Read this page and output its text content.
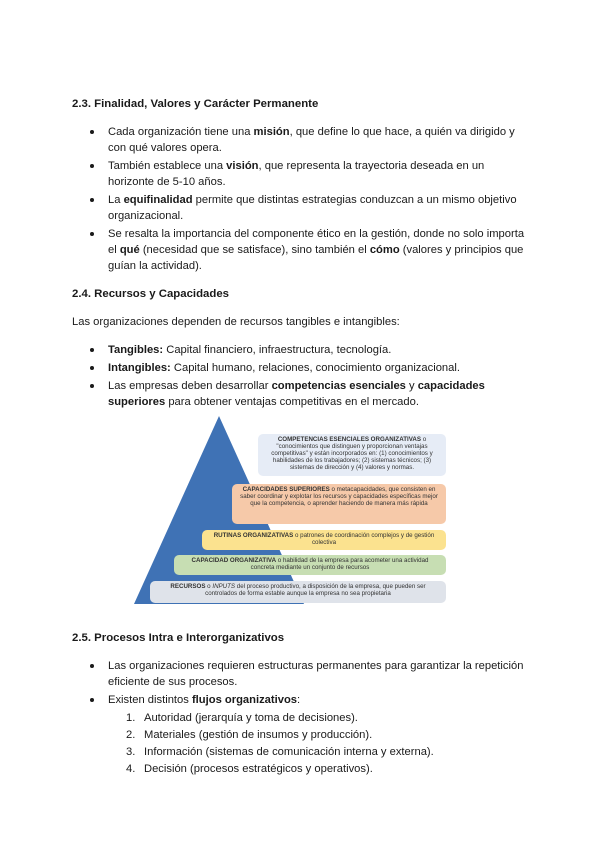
2.3. Finalidad, Valores y Carácter Permanente
Cada organización tiene una misión, que define lo que hace, a quién va dirigido y con qué valores opera.
También establece una visión, que representa la trayectoria deseada en un horizonte de 5-10 años.
La equifinalidad permite que distintas estrategias conduzcan a un mismo objetivo organizacional.
Se resalta la importancia del componente ético en la gestión, donde no solo importa el qué (necesidad que se satisface), sino también el cómo (valores y principios que guían la actividad).
2.4. Recursos y Capacidades

Las organizaciones dependen de recursos tangibles e intangibles:

Tangibles: Capital financiero, infraestructura, tecnología.
Intangibles: Capital humano, relaciones, conocimiento organizacional.
Las empresas deben desarrollar competencias esenciales y capacidades superiores para obtener ventajas competitivas en el mercado.
COMPETENCIAS ESENCIALES ORGANIZATIVAS o "conocimientos que distinguen y proporcionan ventajas competitivas" y están incorporados en: (1) conocimientos y habilidades de los trabajadores; (2) sistemas técnicos; (3) sistemas de dirección y (4) valores y normas.
CAPACIDADES SUPERIORES o metacapacidades, que consisten en saber coordinar y explotar los recursos y capacidades específicas mejor que la competencia, o aprender haciendo de manera más rápida
RUTINAS ORGANIZATIVAS o patrones de coordinación complejos y de gestión colectiva
CAPACIDAD ORGANIZATIVA o habilidad de la empresa para acometer una actividad concreta mediante un conjunto de recursos
RECURSOS o INPUTS del proceso productivo, a disposición de la empresa, que pueden ser controlados de forma estable aunque la empresa no sea propietaria
2.5. Procesos Intra e Interorganizativos
Las organizaciones requieren estructuras permanentes para garantizar la repetición eficiente de sus procesos.
Existen distintos flujos organizativos:
1. Autoridad (jerarquía y toma de decisiones).
2. Materiales (gestión de insumos y producción).
3. Información (sistemas de comunicación interna y externa).
4. Decisión (procesos estratégicos y operativos).
